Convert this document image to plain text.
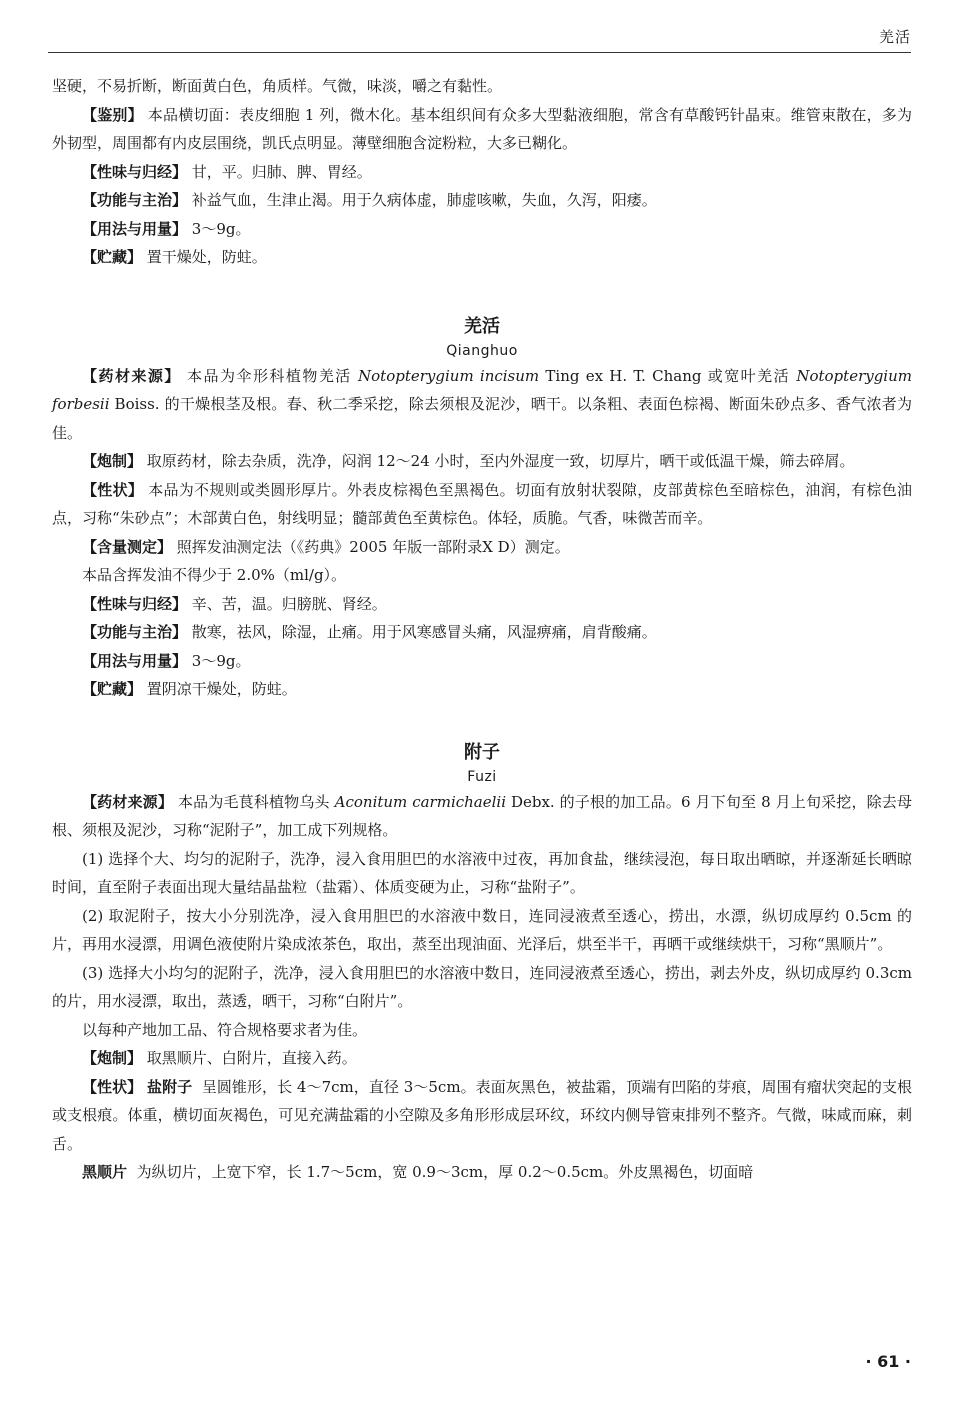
羌活

坚硬，不易折断，断面黄白色，角质样。气微，味淡，嚼之有黏性。

【鉴别】 本品横切面：表皮细胞 1 列，微木化。基本组织间有众多大型黏液细胞，常含有草酸钙针晶束。维管束散在，多为外韧型，周围都有内皮层围绕，凯氏点明显。薄壁细胞含淀粉粒，大多已糊化。

【性味与归经】 甘，平。归肺、脾、胃经。

【功能与主治】 补益气血，生津止渴。用于久病体虚，肺虚咳嗽，失血，久泻，阳痿。

【用法与用量】 3～9g。

【贮藏】 置干燥处，防蛀。

羌活

Qianghuo

【药材来源】 本品为伞形科植物羌活 Notopterygium incisum Ting ex H. T. Chang 或宽叶羌活 Notopterygium forbesii Boiss. 的干燥根茎及根。春、秋二季采挖，除去须根及泥沙，晒干。以条粗、表面色棕褐、断面朱砂点多、香气浓者为佳。

【炮制】 取原药材，除去杂质，洗净，闷润 12～24 小时，至内外湿度一致，切厚片，晒干或低温干燥，筛去碎屑。

【性状】 本品为不规则或类圆形厚片。外表皮棕褐色至黑褐色。切面有放射状裂隙，皮部黄棕色至暗棕色，油润，有棕色油点，习称“朱砂点”；木部黄白色，射线明显；髓部黄色至黄棕色。体轻，质脆。气香，味微苦而辛。

【含量测定】 照挥发油测定法（《药典》2005 年版一部附录Ⅹ D）测定。

本品含挥发油不得少于 2.0%（ml/g）。

【性味与归经】 辛、苦，温。归膀胱、肾经。

【功能与主治】 散寒，祛风，除湿，止痛。用于风寒感冒头痛，风湿痹痛，肩背酸痛。

【用法与用量】 3～9g。

【贮藏】 置阴凉干燥处，防蛀。

附子

Fuzi

【药材来源】 本品为毛茛科植物乌头 Aconitum carmichaelii Debx. 的子根的加工品。6 月下旬至 8 月上旬采挖，除去母根、须根及泥沙，习称“泥附子”，加工成下列规格。

(1) 选择个大、均匀的泥附子，洗净，浸入食用胆巴的水溶液中过夜，再加食盐，继续浸泡，每日取出晒晾，并逐渐延长晒晾时间，直至附子表面出现大量结晶盐粒（盐霜）、体质变硬为止，习称“盐附子”。

(2) 取泥附子，按大小分别洗净，浸入食用胆巴的水溶液中数日，连同浸液煮至透心，捞出，水漂，纵切成厚约 0.5cm 的片，再用水浸漂，用调色液使附片染成浓茶色，取出，蒸至出现油面、光泽后，烘至半干，再晒干或继续烘干，习称“黑顺片”。

(3) 选择大小均匀的泥附子，洗净，浸入食用胆巴的水溶液中数日，连同浸液煮至透心，捞出，剥去外皮，纵切成厚约 0.3cm 的片，用水浸漂，取出，蒸透，晒干，习称“白附片”。

以每种产地加工品、符合规格要求者为佳。

【炮制】 取黑顺片、白附片，直接入药。

【性状】 盐附子 呈圆锥形，长 4～7cm，直径 3～5cm。表面灰黑色，被盐霜，顶端有凹陷的芽痕，周围有瘤状突起的支根或支根痕。体重，横切面灰褐色，可见充满盐霜的小空隙及多角形形成层环纹，环纹内侧导管束排列不整齐。气微，味咸而麻，刺舌。

黑顺片 为纵切片，上宽下窄，长 1.7～5cm，宽 0.9～3cm，厚 0.2～0.5cm。外皮黑褐色，切面暗

· 61 ·
